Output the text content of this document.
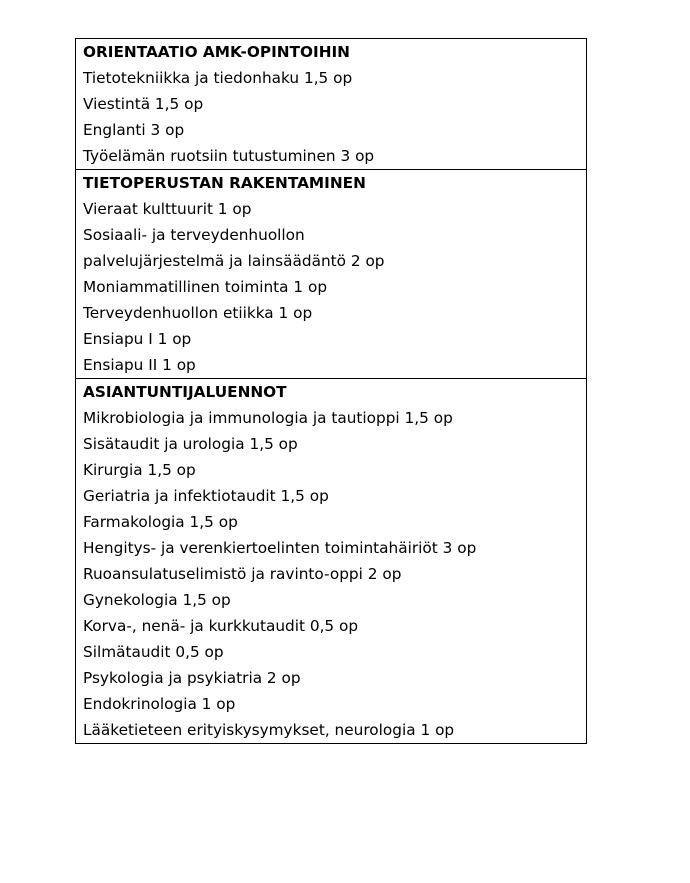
ORIENTAATIO AMK-OPINTOIHIN
Tietotekniikka ja tiedonhaku 1,5 op
Viestintä 1,5 op
Englanti 3 op
Työelämän ruotsiin tutustuminen 3 op
TIETOPERUSTAN RAKENTAMINEN
Vieraat kulttuurit 1 op
Sosiaali- ja terveydenhuollon
palvelujärjestelmä ja lainsäädäntö 2 op
Moniammatillinen toiminta 1 op
Terveydenhuollon etiikka 1 op
Ensiapu I 1 op
Ensiapu II 1 op
ASIANTUNTIJALUENNOT
Mikrobiologia ja immunologia ja tautioppi 1,5 op
Sisätaudit ja urologia 1,5 op
Kirurgia 1,5 op
Geriatria ja infektiotaudit 1,5 op
Farmakologia 1,5 op
Hengitys- ja verenkiertoelinten toimintahäiriöt 3 op
Ruoansulatuselimistö ja ravinto-oppi 2 op
Gynekologia 1,5 op
Korva-, nenä- ja kurkkutaudit 0,5 op
Silmätaudit 0,5 op
Psykologia ja psykiatria 2 op
Endokrinologia 1 op
Lääketieteen erityiskysymykset, neurologia 1 op
